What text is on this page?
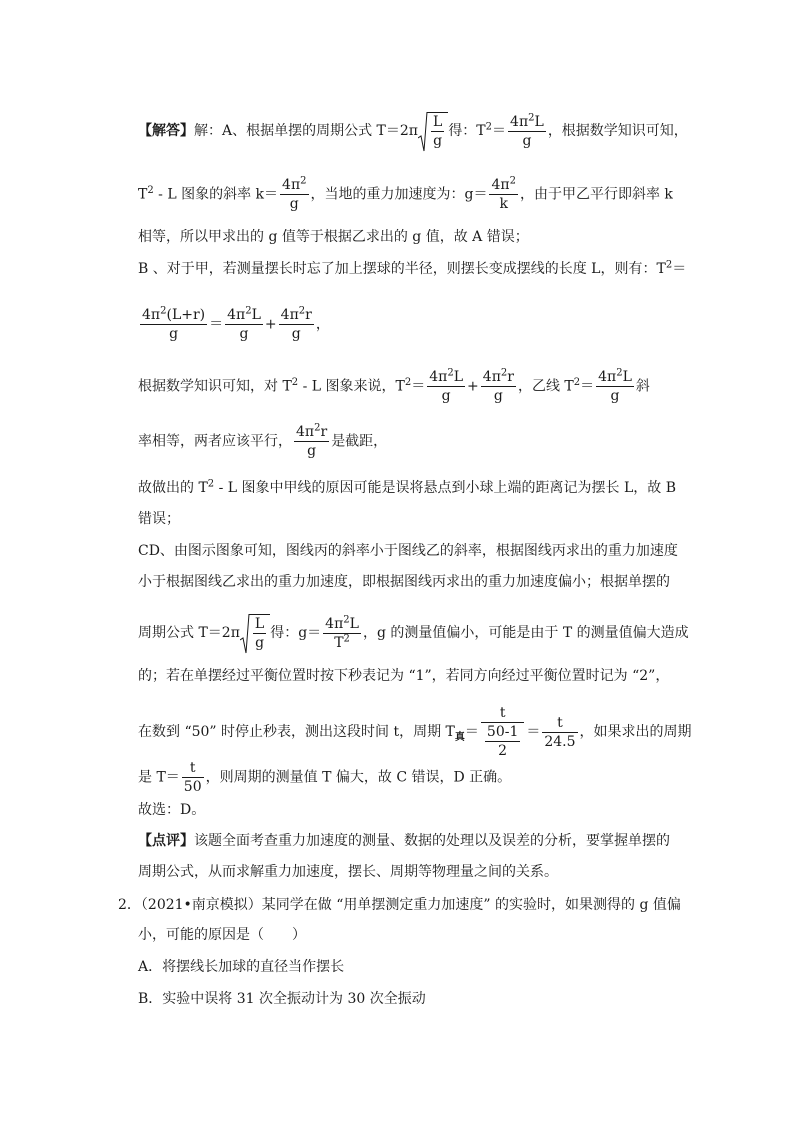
【解答】解：A、根据单摆的周期公式 $T=2\pi \frac{L}{g}$ 得：$T^2= \frac{4\pi^2L}{g}$ ，根据数学知识可知，
$T^2$ - L 图象的斜率 $k= \frac{4\pi^2}{g}$ ，当地的重力加速度为：$g= \frac{4\pi^2}{k}$ ，由于甲乙平行即斜率 k
相等，所以甲求出的 g 值等于根据乙求出的 g 值，故 A 错误；
B 、对于甲，若测量摆长时忘了加上摆球的半径，则摆长变成摆线的长度 L，则有：$T^2=$
$\frac{4\pi^2(L+r)}{g} = \frac{4\pi^2L}{g} + \frac{4\pi^2r}{g}$ ，
根据数学知识可知，对 $T^2$ - L 图象来说，$T^2= \frac{4\pi^2L}{g} + \frac{4\pi^2r}{g}$ ，乙线 $T^2= \frac{4\pi^2L}{g}$ 斜
率相等，两者应该平行， $\frac{4\pi^2r}{g}$ 是截距，
故做出的 $T^2$ - L 图象中甲线的原因可能是误将悬点到小球上端的距离记为摆长 L，故 B
错误；
CD、由图示图象可知，图线丙的斜率小于图线乙的斜率，根据图线丙求出的重力加速度
小于根据图线乙求出的重力加速度，即根据图线丙求出的重力加速度偏小；根据单摆的
周期公式 $T=2\pi \frac{L}{g}$ 得：$g= \frac{4\pi^2L}{T^2}$ ，g 的测量值偏小，可能是由于 T 的测量值偏大造成
的；若在单摆经过平衡位置时按下秒表记为 “1”，若同方向经过平衡位置时记为 “2”，
在数到 “50” 时停止秒表，测出这段时间 t，周期 $T_真= \frac{t}{\frac{50-1}{2}} = \frac{t}{24.5}$ ，如果求出的周期
是 $T= \frac{t}{50}$ ，则周期的测量值 T 偏大，故 C 错误，D 正确。
故选：D。
【点评】该题全面考查重力加速度的测量、数据的处理以及误差的分析，要掌握单摆的
周期公式，从而求解重力加速度，摆长、周期等物理量之间的关系。
2．（2021•南京模拟）某同学在做 “用单摆测定重力加速度” 的实验时，如果测得的 g 值偏
小，可能的原因是（　　）
A．将摆线长加球的直径当作摆长
B．实验中误将 31 次全振动计为 30 次全振动
